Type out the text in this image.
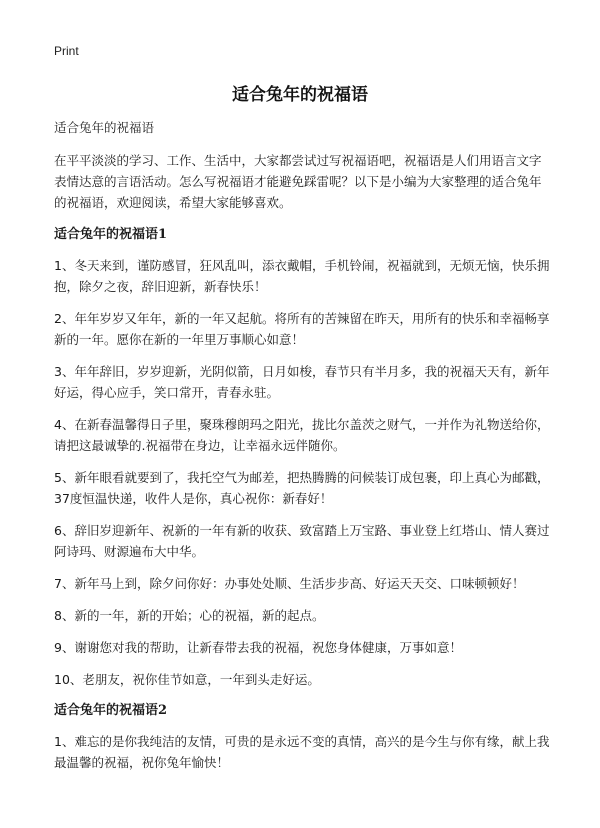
Print
适合兔年的祝福语

适合兔年的祝福语

在平平淡淡的学习、工作、生活中，大家都尝试过写祝福语吧，祝福语是人们用语言文字表情达意的言语活动。怎么写祝福语才能避免踩雷呢？以下是小编为大家整理的适合兔年的祝福语，欢迎阅读，希望大家能够喜欢。

适合兔年的祝福语1

1、冬天来到，谨防感冒，狂风乱叫，添衣戴帽，手机铃闹，祝福就到，无烦无恼，快乐拥抱，除夕之夜，辞旧迎新，新春快乐！

2、年年岁岁又年年，新的一年又起航。将所有的苦辣留在昨天，用所有的快乐和幸福畅享新的一年。愿你在新的一年里万事顺心如意！

3、年年辞旧，岁岁迎新，光阴似箭，日月如梭，春节只有半月多，我的祝福天天有，新年好运，得心应手，笑口常开，青春永驻。

4、在新春温馨得日子里，聚珠穆朗玛之阳光，拢比尔盖茨之财气，一并作为礼物送给你，请把这最诚挚的.祝福带在身边，让幸福永远伴随你。

5、新年眼看就要到了，我托空气为邮差，把热腾腾的问候装订成包裹，印上真心为邮戳，37度恒温快递，收件人是你，真心祝你：新春好！

6、辞旧岁迎新年、祝新的一年有新的收获、致富踏上万宝路、事业登上红塔山、情人赛过阿诗玛、财源遍布大中华。

7、新年马上到，除夕问你好：办事处处顺、生活步步高、好运天天交、口味顿顿好！

8、新的一年，新的开始；心的祝福，新的起点。

9、谢谢您对我的帮助，让新春带去我的祝福，祝您身体健康，万事如意！

10、老朋友，祝你佳节如意，一年到头走好运。

适合兔年的祝福语2

1、难忘的是你我纯洁的友情，可贵的是永远不变的真情，高兴的是今生与你有缘，献上我最温馨的祝福，祝你兔年愉快！
